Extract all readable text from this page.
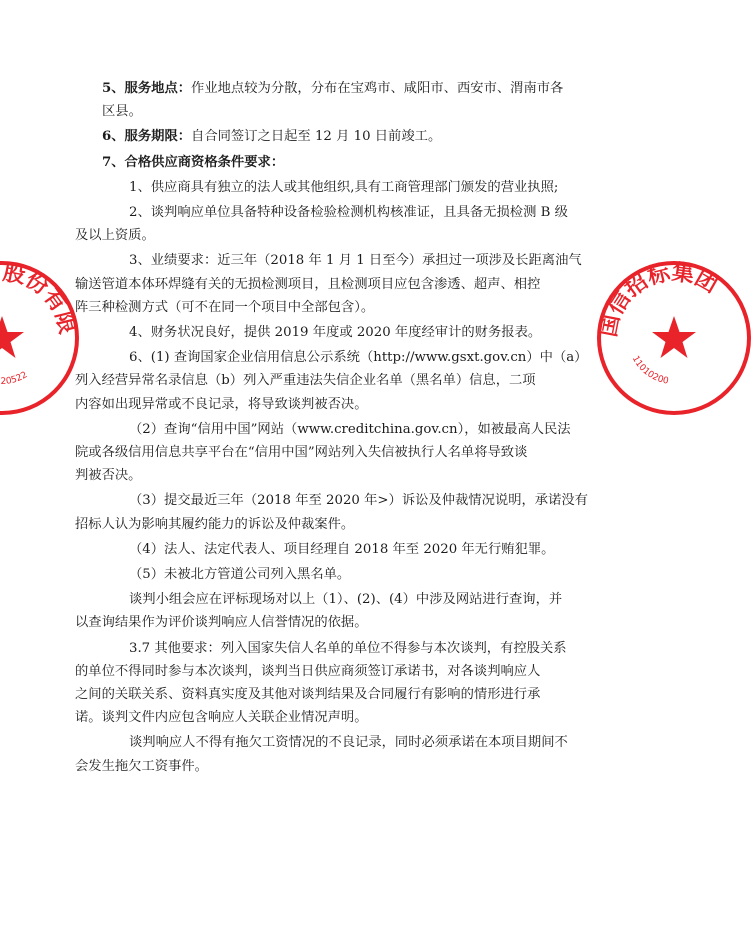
股份有限
20522
国信招标集团
11010200

5、服务地点：作业地点较为分散，分布在宝鸡市、咸阳市、西安市、渭南市各
区县。

6、服务期限：自合同签订之日起至 12 月 10 日前竣工。

7、合格供应商资格条件要求：

1、供应商具有独立的法人或其他组织,具有工商管理部门颁发的营业执照;

2、谈判响应单位具备特种设备检验检测机构核准证，且具备无损检测 B 级
及以上资质。

3、业绩要求：近三年（2018 年 1 月 1 日至今）承担过一项涉及长距离油气
输送管道本体环焊缝有关的无损检测项目，且检测项目应包含渗透、超声、相控
阵三种检测方式（可不在同一个项目中全部包含）。

4、财务状况良好，提供 2019 年度或 2020 年度经审计的财务报表。

6、(1) 查询国家企业信用信息公示系统（http://www.gsxt.gov.cn）中（a）
列入经营异常名录信息（b）列入严重违法失信企业名单（黑名单）信息，二项
内容如出现异常或不良记录，将导致谈判被否决。

（2）查询“信用中国”网站（www.creditchina.gov.cn），如被最高人民法
院或各级信用信息共享平台在“信用中国”网站列入失信被执行人名单将导致谈
判被否决。

（3）提交最近三年（2018 年至 2020 年>）诉讼及仲裁情况说明，承诺没有
招标人认为影响其履约能力的诉讼及仲裁案件。

（4）法人、法定代表人、项目经理自 2018 年至 2020 年无行贿犯罪。

（5）未被北方管道公司列入黑名单。

谈判小组会应在评标现场对以上（1）、(2)、(4）中涉及网站进行查询，并
以查询结果作为评价谈判响应人信誉情况的依据。

3.7 其他要求：列入国家失信人名单的单位不得参与本次谈判，有控股关系
的单位不得同时参与本次谈判，谈判当日供应商须签订承诺书，对各谈判响应人
之间的关联关系、资料真实度及其他对谈判结果及合同履行有影响的情形进行承
诺。谈判文件内应包含响应人关联企业情况声明。

谈判响应人不得有拖欠工资情况的不良记录，同时必须承诺在本项目期间不
会发生拖欠工资事件。
